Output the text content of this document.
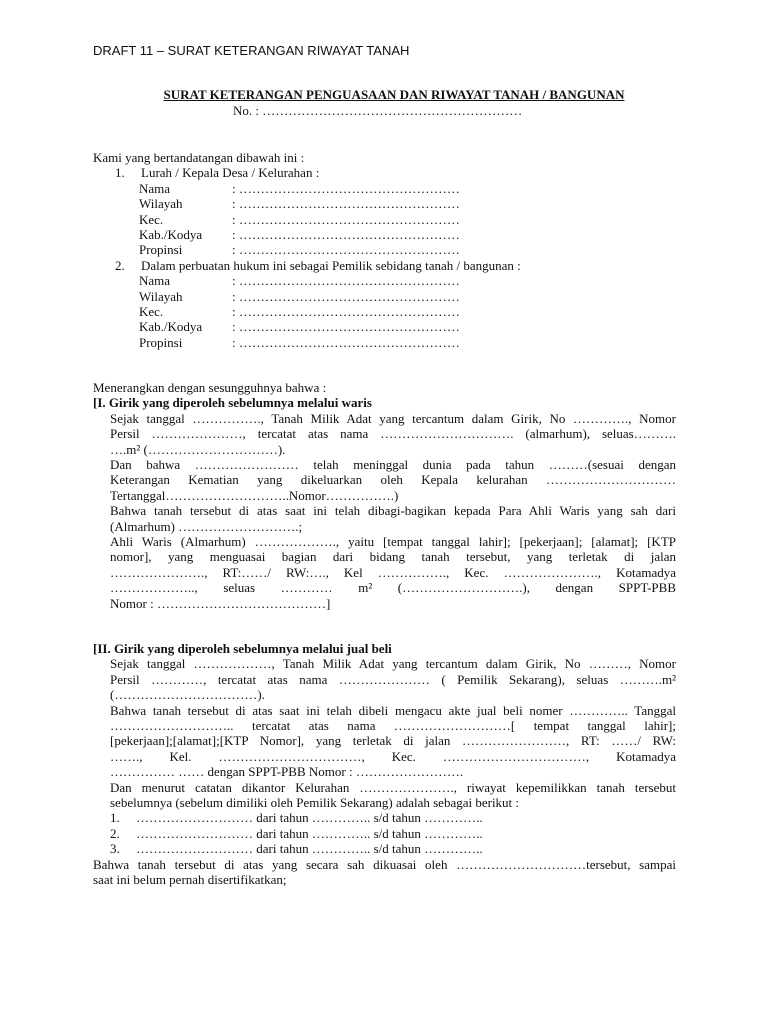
DRAFT 11 – SURAT KETERANGAN RIWAYAT TANAH
SURAT KETERANGAN PENGUASAAN DAN RIWAYAT TANAH / BANGUNAN
No. : ……………………………………………………
Kami yang bertandatangan dibawah ini :
1. Lurah / Kepala Desa / Kelurahan :
Nama	: ……………………………………………
Wilayah	: ……………………………………………
Kec.	: ……………………………………………
Kab./Kodya	: ……………………………………………
Propinsi	: ……………………………………………
2. Dalam perbuatan hukum ini sebagai Pemilik sebidang tanah / bangunan :
Nama	: ……………………………………………
Wilayah	: ……………………………………………
Kec.	: ……………………………………………
Kab./Kodya	: ……………………………………………
Propinsi	: ……………………………………………
Menerangkan dengan sesungguhnya bahwa :
[I. Girik yang diperoleh sebelumnya melalui waris
Sejak tanggal ……………., Tanah Milik Adat yang tercantum dalam Girik, No …………., Nomor
Persil …………………, tercatat atas nama …………………………. (almarhum), seluas……….
….m² (…………………………).
Dan bahwa …………………… telah meninggal dunia pada tahun ………(sesuai dengan
Keterangan Kematian yang dikeluarkan oleh Kepala kelurahan …………………………
Tertanggal………………………..Nomor…………….)
Bahwa tanah tersebut di atas saat ini telah dibagi-bagikan kepada Para Ahli Waris yang sah dari
(Almarhum) ……………………….;
Ahli Waris (Almarhum) ………………., yaitu [tempat tanggal lahir]; [pekerjaan]; [alamat]; [KTP
nomor], yang menguasai bagian dari bidang tanah tersebut, yang terletak di jalan
…………………., RT:……/ RW:…., Kel ……………., Kec. …………………., Kotamadya
……………….., seluas ………… m² (……………………….), dengan SPPT-PBB
Nomor : …………………………………]
[II. Girik yang diperoleh sebelumnya melalui jual beli
Sejak tanggal ………………, Tanah Milik Adat yang tercantum dalam Girik, No ………, Nomor
Persil …………, tercatat atas nama ………………… ( Pemilik Sekarang), seluas ……….m²
(……………………………).
Bahwa tanah tersebut di atas saat ini telah dibeli mengacu akte jual beli nomer ………….. Tanggal
……………………….. tercatat atas nama ………………………[ tempat tanggal lahir];
[pekerjaan];[alamat];[KTP Nomor], yang terletak di jalan ……………………, RT: ……/ RW:
……., Kel. ……………………………, Kec. ……………………………, Kotamadya
…………… …… dengan SPPT-PBB Nomor : …………………….
Dan menurut catatan dikantor Kelurahan …………………., riwayat kepemilikkan tanah tersebut
sebelumnya (sebelum dimiliki oleh Pemilik Sekarang) adalah sebagai berikut :
1. ……………………… dari tahun ………….. s/d tahun …………..
2. ……………………… dari tahun ………….. s/d tahun …………..
3. ……………………… dari tahun ………….. s/d tahun …………..
Bahwa tanah tersebut di atas yang secara sah dikuasai oleh …………………………tersebut, sampai
saat ini belum pernah disertifikatkan;
